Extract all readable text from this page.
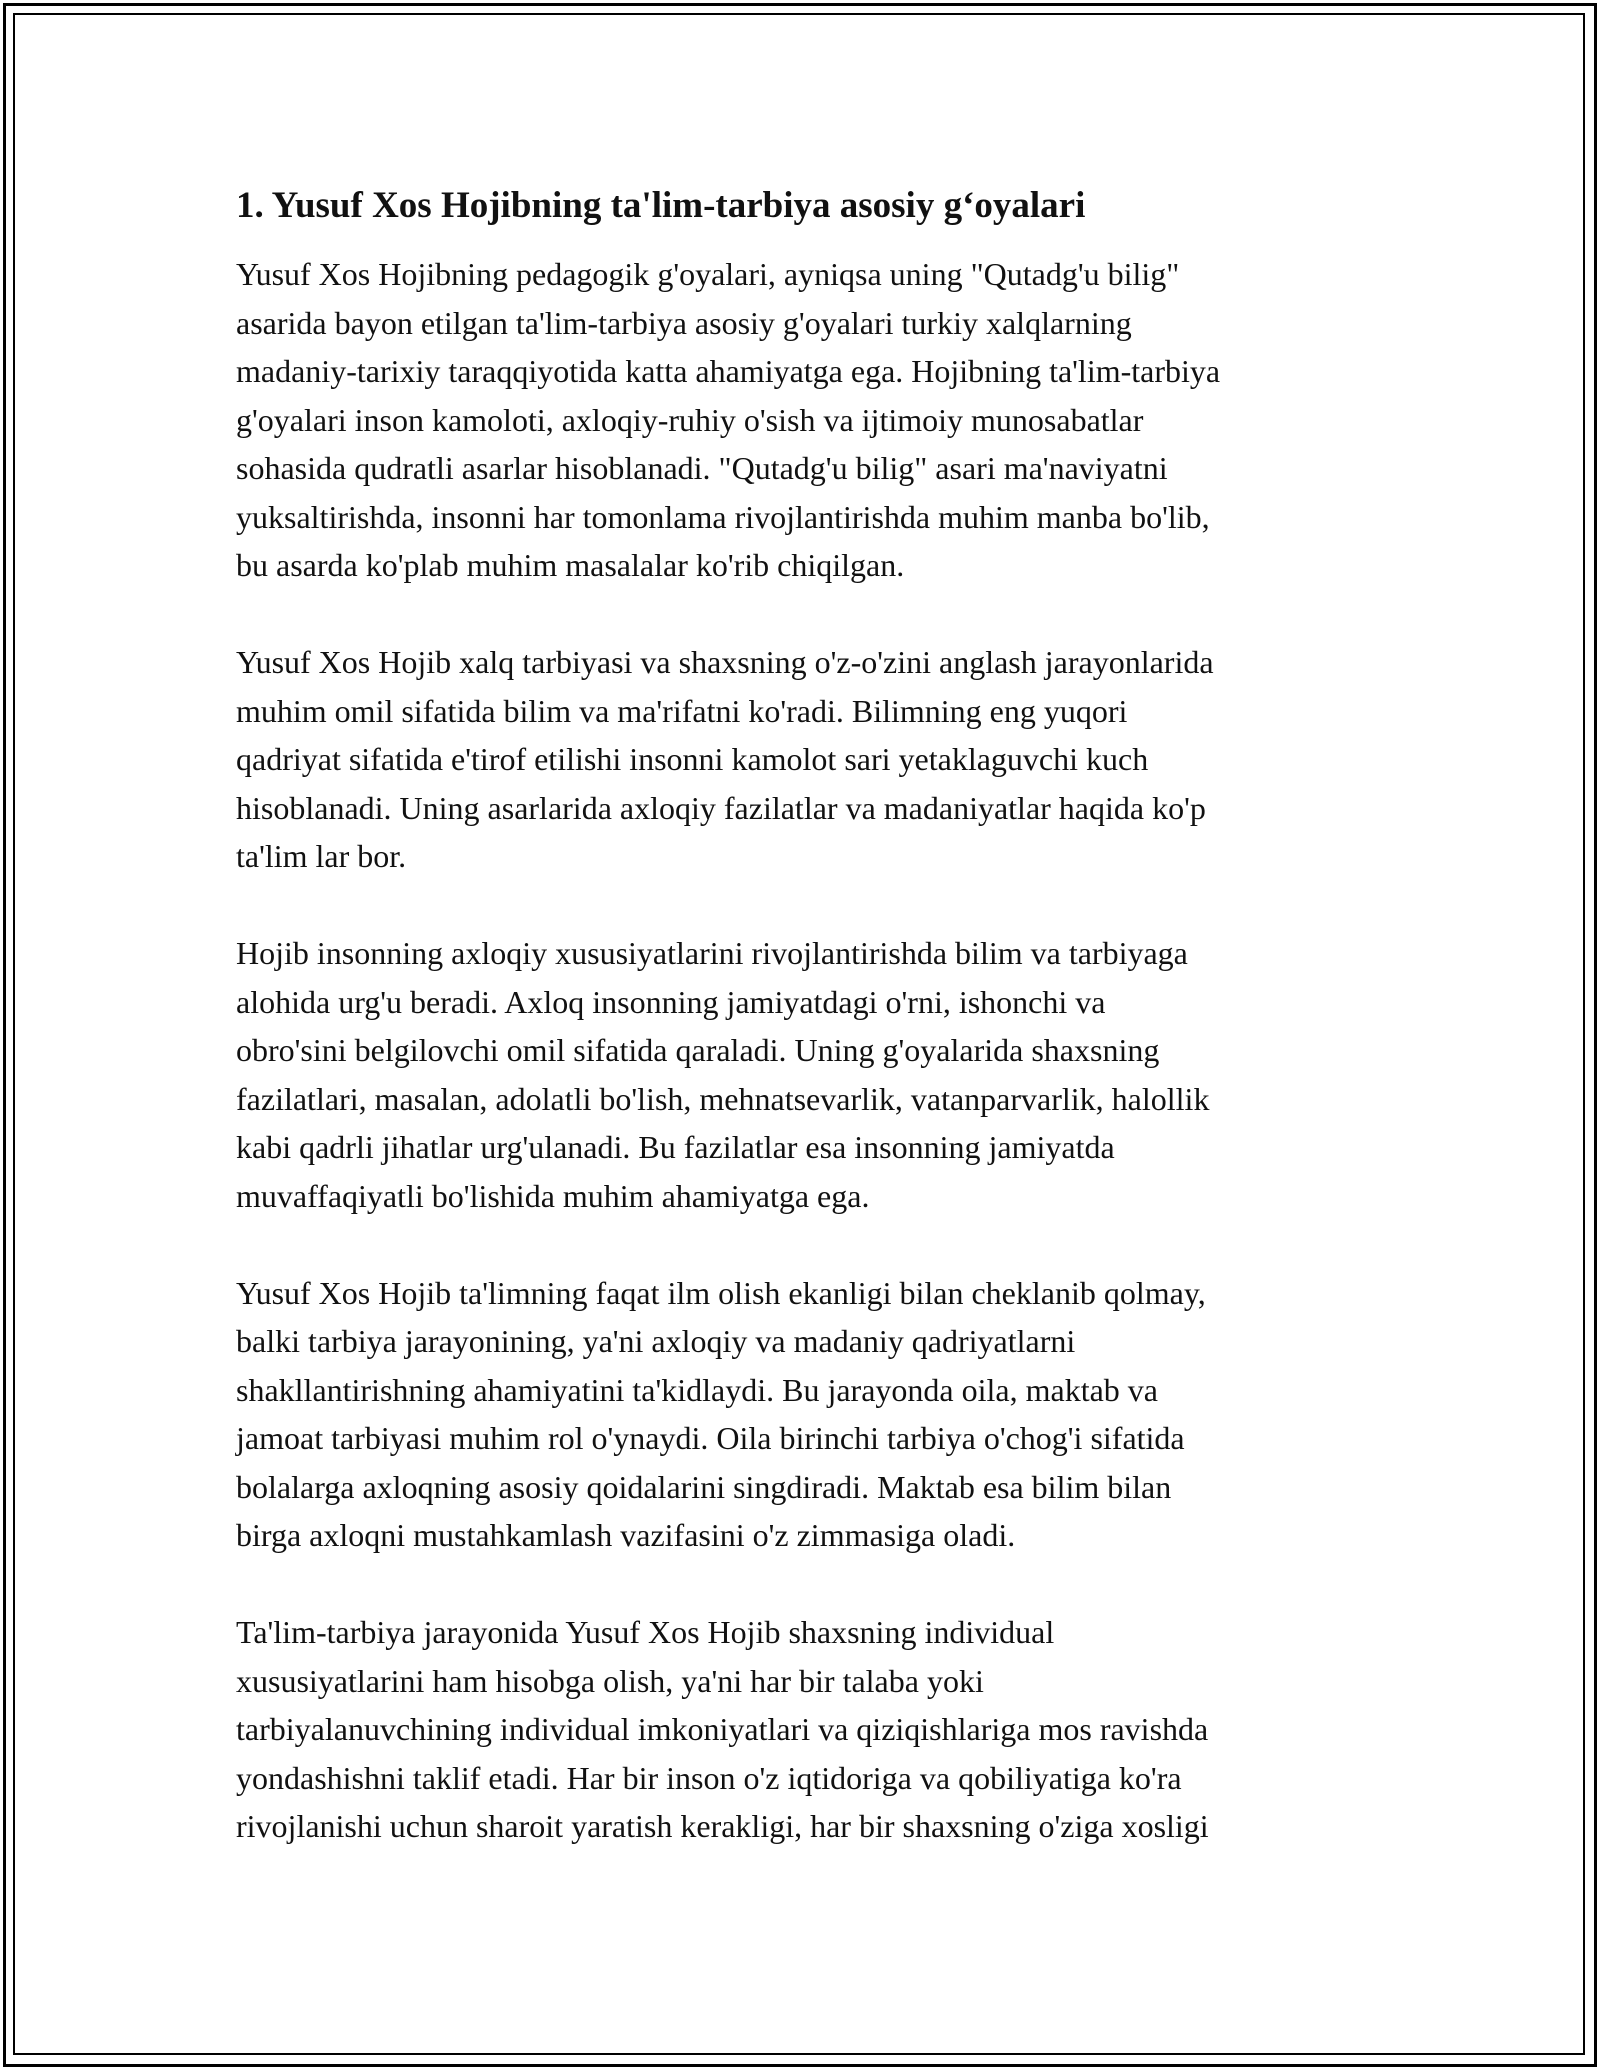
1. Yusuf Xos Hojibning ta'lim-tarbiya asosiy g‘oyalari
Yusuf Xos Hojibning pedagogik g'oyalari, ayniqsa uning "Qutadg'u bilig"
asarida bayon etilgan ta'lim-tarbiya asosiy g'oyalari turkiy xalqlarning
madaniy-tarixiy taraqqiyotida katta ahamiyatga ega. Hojibning ta'lim-tarbiya
g'oyalari inson kamoloti, axloqiy-ruhiy o'sish va ijtimoiy munosabatlar
sohasida qudratli asarlar hisoblanadi. "Qutadg'u bilig" asari ma'naviyatni
yuksaltirishda, insonni har tomonlama rivojlantirishda muhim manba bo'lib,
bu asarda ko'plab muhim masalalar ko'rib chiqilgan.
Yusuf Xos Hojib xalq tarbiyasi va shaxsning o'z-o'zini anglash jarayonlarida
muhim omil sifatida bilim va ma'rifatni ko'radi. Bilimning eng yuqori
qadriyat sifatida e'tirof etilishi insonni kamolot sari yetaklaguvchi kuch
hisoblanadi. Uning asarlarida axloqiy fazilatlar va madaniyatlar haqida ko'p
ta'lim lar bor.
Hojib insonning axloqiy xususiyatlarini rivojlantirishda bilim va tarbiyaga
alohida urg'u beradi. Axloq insonning jamiyatdagi o'rni, ishonchi va
obro'sini belgilovchi omil sifatida qaraladi. Uning g'oyalarida shaxsning
fazilatlari, masalan, adolatli bo'lish, mehnatsevarlik, vatanparvarlik, halollik
kabi qadrli jihatlar urg'ulanadi. Bu fazilatlar esa insonning jamiyatda
muvaffaqiyatli bo'lishida muhim ahamiyatga ega.
Yusuf Xos Hojib ta'limning faqat ilm olish ekanligi bilan cheklanib qolmay,
balki tarbiya jarayonining, ya'ni axloqiy va madaniy qadriyatlarni
shakllantirishning ahamiyatini ta'kidlaydi. Bu jarayonda oila, maktab va
jamoat tarbiyasi muhim rol o'ynaydi. Oila birinchi tarbiya o'chog'i sifatida
bolalarga axloqning asosiy qoidalarini singdiradi. Maktab esa bilim bilan
birga axloqni mustahkamlash vazifasini o'z zimmasiga oladi.
Ta'lim-tarbiya jarayonida Yusuf Xos Hojib shaxsning individual
xususiyatlarini ham hisobga olish, ya'ni har bir talaba yoki
tarbiyalanuvchining individual imkoniyatlari va qiziqishlariga mos ravishda
yondashishni taklif etadi. Har bir inson o'z iqtidoriga va qobiliyatiga ko'ra
rivojlanishi uchun sharoit yaratish kerakligi, har bir shaxsning o'ziga xosligi
